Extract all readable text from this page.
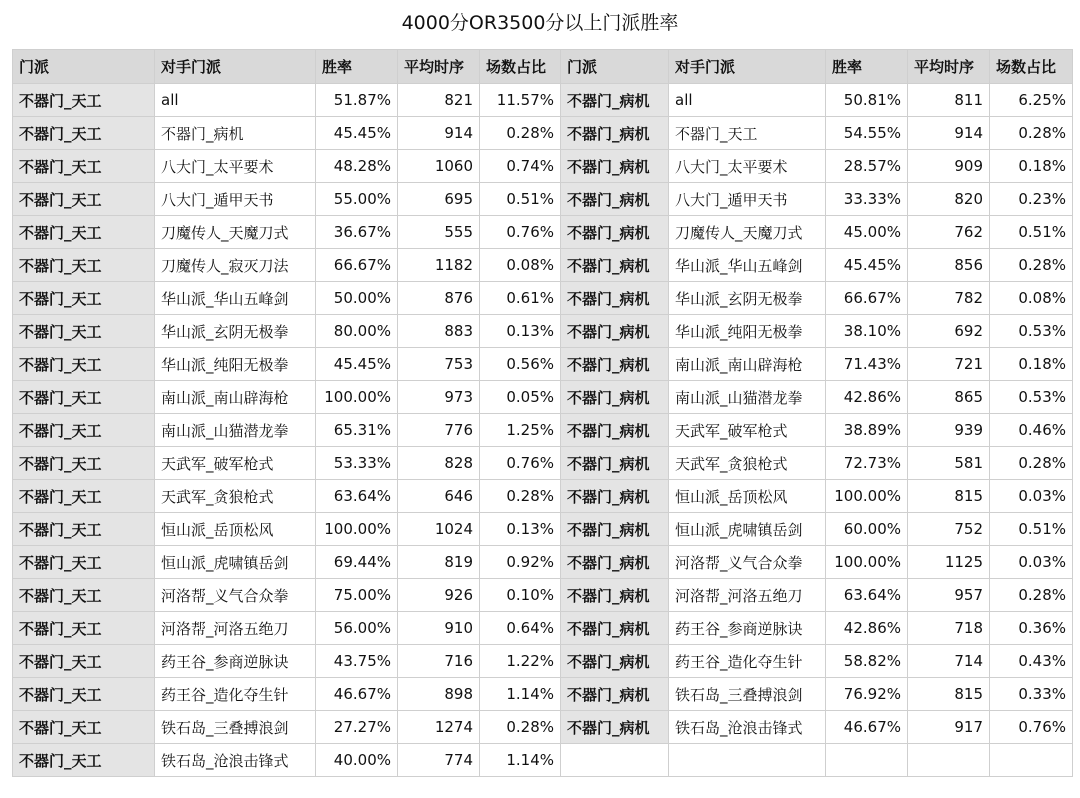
4000分OR3500分以上门派胜率
门派	对手门派	胜率	平均时序	场数占比	门派	对手门派	胜率	平均时序	场数占比
不器门_天工	all	51.87%	821	11.57%	不器门_病机	all	50.81%	811	6.25%
不器门_天工	不器门_病机	45.45%	914	0.28%	不器门_病机	不器门_天工	54.55%	914	0.28%
不器门_天工	八大门_太平要术	48.28%	1060	0.74%	不器门_病机	八大门_太平要术	28.57%	909	0.18%
不器门_天工	八大门_遁甲天书	55.00%	695	0.51%	不器门_病机	八大门_遁甲天书	33.33%	820	0.23%
不器门_天工	刀魔传人_天魔刀式	36.67%	555	0.76%	不器门_病机	刀魔传人_天魔刀式	45.00%	762	0.51%
不器门_天工	刀魔传人_寂灭刀法	66.67%	1182	0.08%	不器门_病机	华山派_华山五峰剑	45.45%	856	0.28%
不器门_天工	华山派_华山五峰剑	50.00%	876	0.61%	不器门_病机	华山派_玄阴无极拳	66.67%	782	0.08%
不器门_天工	华山派_玄阴无极拳	80.00%	883	0.13%	不器门_病机	华山派_纯阳无极拳	38.10%	692	0.53%
不器门_天工	华山派_纯阳无极拳	45.45%	753	0.56%	不器门_病机	南山派_南山辟海枪	71.43%	721	0.18%
不器门_天工	南山派_南山辟海枪	100.00%	973	0.05%	不器门_病机	南山派_山猫潜龙拳	42.86%	865	0.53%
不器门_天工	南山派_山猫潜龙拳	65.31%	776	1.25%	不器门_病机	天武军_破军枪式	38.89%	939	0.46%
不器门_天工	天武军_破军枪式	53.33%	828	0.76%	不器门_病机	天武军_贪狼枪式	72.73%	581	0.28%
不器门_天工	天武军_贪狼枪式	63.64%	646	0.28%	不器门_病机	恒山派_岳顶松风	100.00%	815	0.03%
不器门_天工	恒山派_岳顶松风	100.00%	1024	0.13%	不器门_病机	恒山派_虎啸镇岳剑	60.00%	752	0.51%
不器门_天工	恒山派_虎啸镇岳剑	69.44%	819	0.92%	不器门_病机	河洛帮_义气合众拳	100.00%	1125	0.03%
不器门_天工	河洛帮_义气合众拳	75.00%	926	0.10%	不器门_病机	河洛帮_河洛五绝刀	63.64%	957	0.28%
不器门_天工	河洛帮_河洛五绝刀	56.00%	910	0.64%	不器门_病机	药王谷_参商逆脉诀	42.86%	718	0.36%
不器门_天工	药王谷_参商逆脉诀	43.75%	716	1.22%	不器门_病机	药王谷_造化夺生针	58.82%	714	0.43%
不器门_天工	药王谷_造化夺生针	46.67%	898	1.14%	不器门_病机	铁石岛_三叠搏浪剑	76.92%	815	0.33%
不器门_天工	铁石岛_三叠搏浪剑	27.27%	1274	0.28%	不器门_病机	铁石岛_沧浪击锋式	46.67%	917	0.76%
不器门_天工	铁石岛_沧浪击锋式	40.00%	774	1.14%					
